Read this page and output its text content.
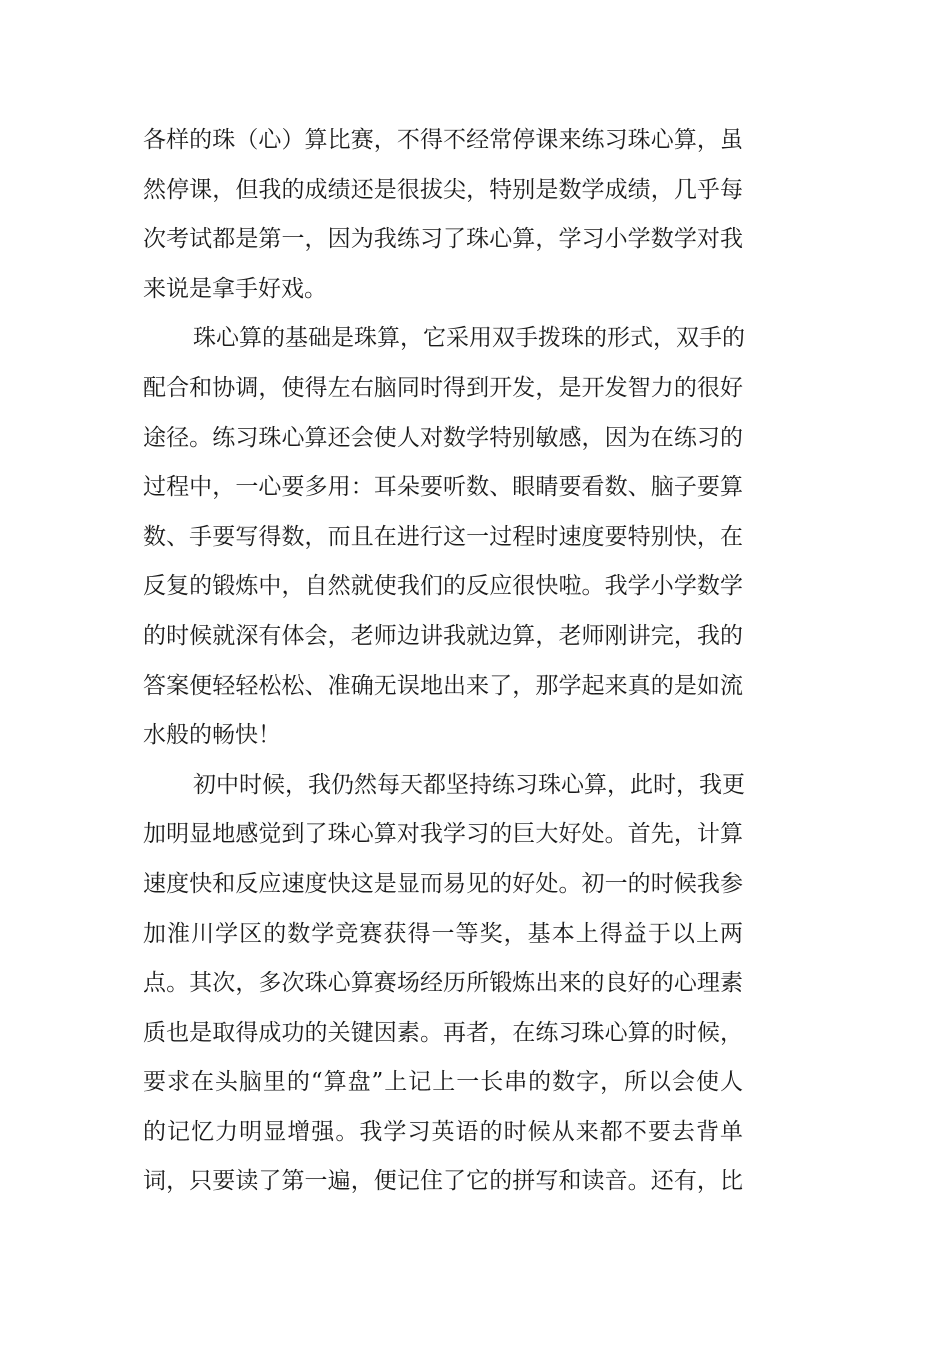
各样的珠（心）算比赛，不得不经常停课来练习珠心算，虽
然停课，但我的成绩还是很拔尖，特别是数学成绩，几乎每
次考试都是第一，因为我练习了珠心算，学习小学数学对我
来说是拿手好戏。
珠心算的基础是珠算，它采用双手拨珠的形式，双手的
配合和协调，使得左右脑同时得到开发，是开发智力的很好
途径。练习珠心算还会使人对数学特别敏感，因为在练习的
过程中，一心要多用：耳朵要听数、眼睛要看数、脑子要算
数、手要写得数，而且在进行这一过程时速度要特别快，在
反复的锻炼中，自然就使我们的反应很快啦。我学小学数学
的时候就深有体会，老师边讲我就边算，老师刚讲完，我的
答案便轻轻松松、准确无误地出来了，那学起来真的是如流
水般的畅快！
初中时候，我仍然每天都坚持练习珠心算，此时，我更
加明显地感觉到了珠心算对我学习的巨大好处。首先，计算
速度快和反应速度快这是显而易见的好处。初一的时候我参
加淮川学区的数学竞赛获得一等奖，基本上得益于以上两
点。其次，多次珠心算赛场经历所锻炼出来的良好的心理素
质也是取得成功的关键因素。再者，在练习珠心算的时候，
要求在头脑里的“算盘”上记上一长串的数字，所以会使人
的记忆力明显增强。我学习英语的时候从来都不要去背单
词，只要读了第一遍，便记住了它的拼写和读音。还有，比
